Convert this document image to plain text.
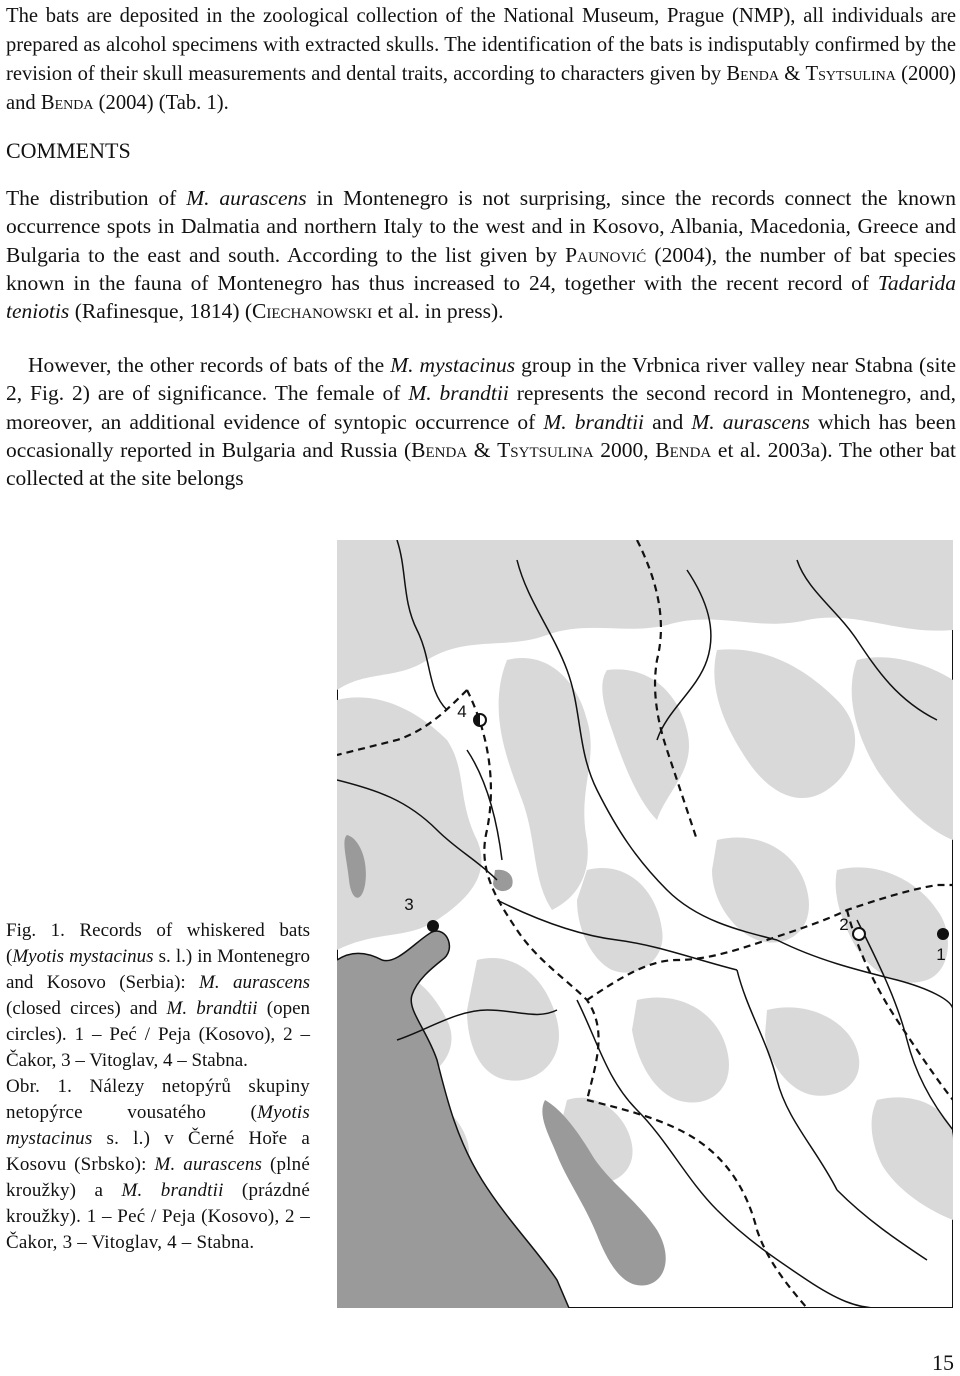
The bats are deposited in the zoological collection of the National Museum, Prague (NMP), all individuals are prepared as alcohol specimens with extracted skulls. The identification of the bats is indisputably confirmed by the revision of their skull measurements and dental traits, according to characters given by Benda & Tsytsulina (2000) and Benda (2004) (Tab. 1).

COMMENTS

The distribution of M. aurascens in Montenegro is not surprising, since the records connect the known occurrence spots in Dalmatia and northern Italy to the west and in Kosovo, Albania, Macedonia, Greece and Bulgaria to the east and south. According to the list given by Paunović (2004), the number of bat species known in the fauna of Montenegro has thus increased to 24, together with the recent record of Tadarida teniotis (Rafinesque, 1814) (Ciechanowski et al. in press).

However, the other records of bats of the M. mystacinus group in the Vrbnica river valley near Stabna (site 2, Fig. 2) are of significance. The female of M. brandtii represents the second record in Montenegro, and, moreover, an additional evidence of syntopic occurrence of M. brandtii and M. aurascens which has been occasionally reported in Bulgaria and Russia (Benda & Tsytsulina 2000, Benda et al. 2003a). The other bat collected at the site belongs

Fig. 1. Records of whiskered bats (Myotis mystacinus s. l.) in Montenegro and Kosovo (Serbia): M. aurascens (closed circes) and M. brandtii (open circles). 1 – Peć / Peja (Kosovo), 2 – Čakor, 3 – Vitoglav, 4 – Stabna.
Obr. 1. Nálezy netopýrů skupiny netopýrce vousatého (Myotis mystacinus s. l.) v Černé Hoře a Kosovu (Srbsko): M. aurascens (plné kroužky) a M. brandtii (prázdné kroužky). 1 – Peć / Peja (Kosovo), 2 – Čakor, 3 – Vitoglav, 4 – Stabna.
4
3
2
1

15
